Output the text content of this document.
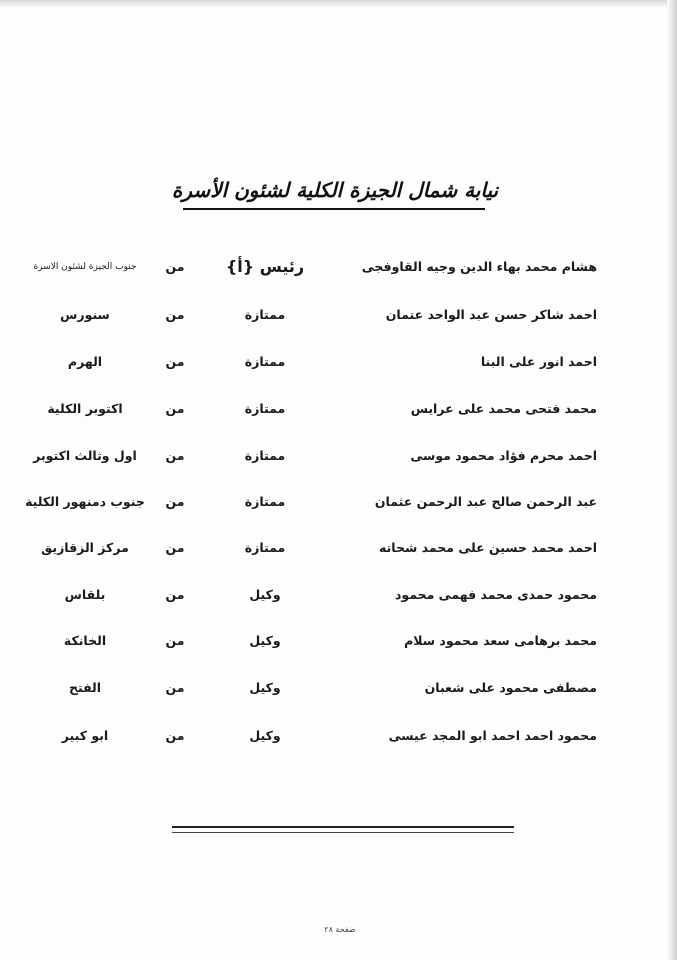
نيابة شمال الجيزة الكلية لشئون الأسرة
هشام محمد بهاء الدين وجيه القاوفجى
رئيس {أ}
من
جنوب الجيزة لشئون الاسرة
احمد شاكر حسن عبد الواحد عتمان
ممتازة
من
سنورس
احمد انور على البنا
ممتازة
من
الهرم
محمد فتحى محمد على عرايس
ممتازة
من
اكتوبر الكلية
احمد محرم فؤاد محمود موسى
ممتازة
من
اول وثالث اكتوبر
عبد الرحمن صالح عبد الرحمن عثمان
ممتازة
من
جنوب دمنهور الكلية
احمد محمد حسين على محمد شحاته
ممتازة
من
مركز الزقازيق
محمود حمدى محمد فهمى محمود
وكيل
من
بلقاس
محمد برهامى سعد محمود سلام
وكيل
من
الخانكة
مصطفى محمود على شعبان
وكيل
من
الفتح
محمود احمد احمد ابو المجد عيسى
وكيل
من
ابو كبير
صفحة ٢٨
